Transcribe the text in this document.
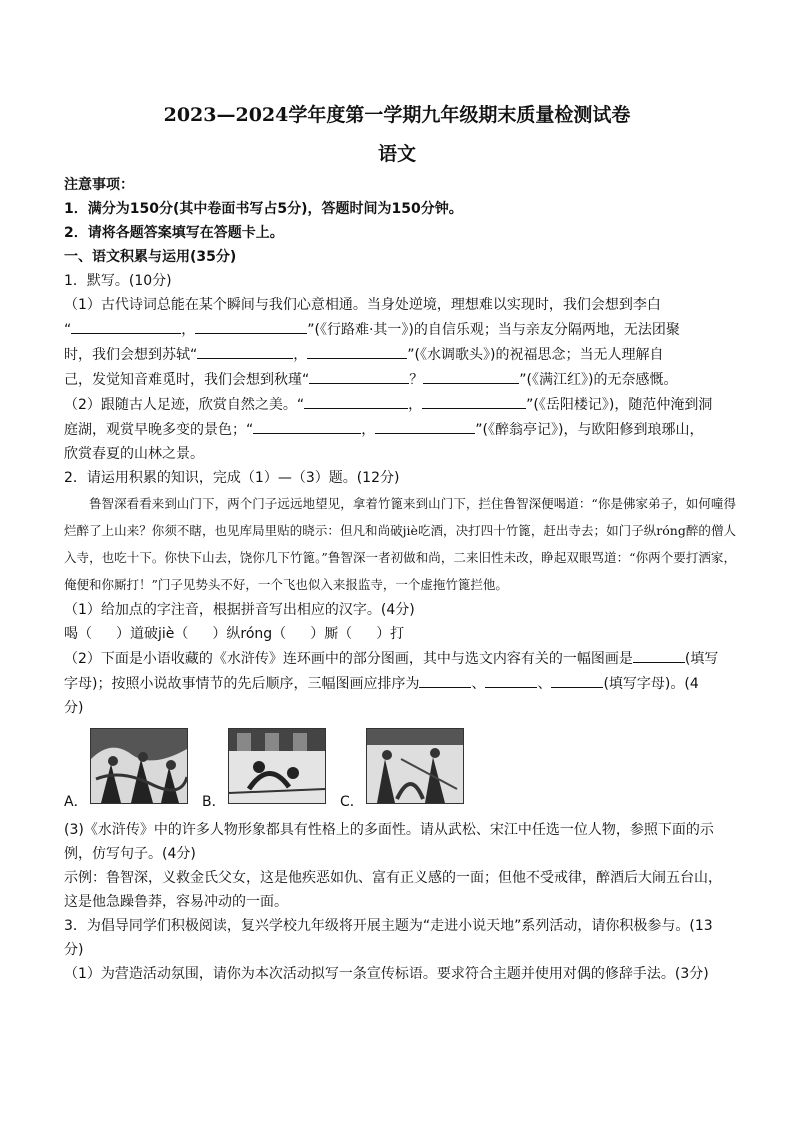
2023—2024学年度第一学期九年级期末质量检测试卷
语文

注意事项：

1．满分为150分(其中卷面书写占5分)，答题时间为150分钟。

2．请将各题答案填写在答题卡上。

一、语文积累与运用(35分)

1．默写。(10分)

（1）古代诗词总能在某个瞬间与我们心意相通。当身处逆境，理想难以实现时，我们会想到李白

“	，	”(《行路难·其一》)的自信乐观；当与亲友分隔两地，无法团聚

时，我们会想到苏轼“	，	”(《水调歌头》)的祝福思念；当无人理解自

己，发觉知音难觅时，我们会想到秋瑾“	？	”(《满江红》)的无奈感慨。

（2）跟随古人足迹，欣赏自然之美。“	，	”(《岳阳楼记》)，随范仲淹到洞

庭湖，观赏早晚多变的景色；“	，	”(《醉翁亭记》)，与欧阳修到琅琊山，

欣赏春夏的山林之景。

2．请运用积累的知识，完成（1）—（3）题。(12分)

鲁智深看看来到山门下，两个门子远远地望见，拿着竹篦来到山门下，拦住鲁智深便喝道：“你是佛家弟子，如何噇得烂醉了上山来？你须不瞎，也见库局里贴的晓示：但凡和尚破jiè吃酒，决打四十竹篦，赶出寺去；如门子纵róng醉的僧人入寺，也吃十下。你快下山去，饶你几下竹篦。”鲁智深一者初做和尚，二来旧性未改，睁起双眼骂道：“你两个要打洒家，俺便和你厮打！”门子见势头不好，一个飞也似入来报监寺，一个虚拖竹篦拦他。

（1）给加点的字注音，根据拼音写出相应的汉字。(4分)

喝（ ）道破jiè（ ）纵róng（ ）厮（ ）打

（2）下面是小语收藏的《水浒传》连环画中的部分图画，其中与选文内容有关的一幅图画是	(填写

字母)；按照小说故事情节的先后顺序，三幅图画应排序为	、	、	(填写字母)。(4

分)

A．	B．	C．

(3)《水浒传》中的许多人物形象都具有性格上的多面性。请从武松、宋江中任选一位人物，参照下面的示

例，仿写句子。(4分)

示例：鲁智深，义救金氏父女，这是他疾恶如仇、富有正义感的一面；但他不受戒律，醉酒后大闹五台山，

这是他急躁鲁莽，容易冲动的一面。

3．为倡导同学们积极阅读，复兴学校九年级将开展主题为“走进小说天地”系列活动，请你积极参与。(13

分)

（1）为营造活动氛围，请你为本次活动拟写一条宣传标语。要求符合主题并使用对偶的修辞手法。(3分)
